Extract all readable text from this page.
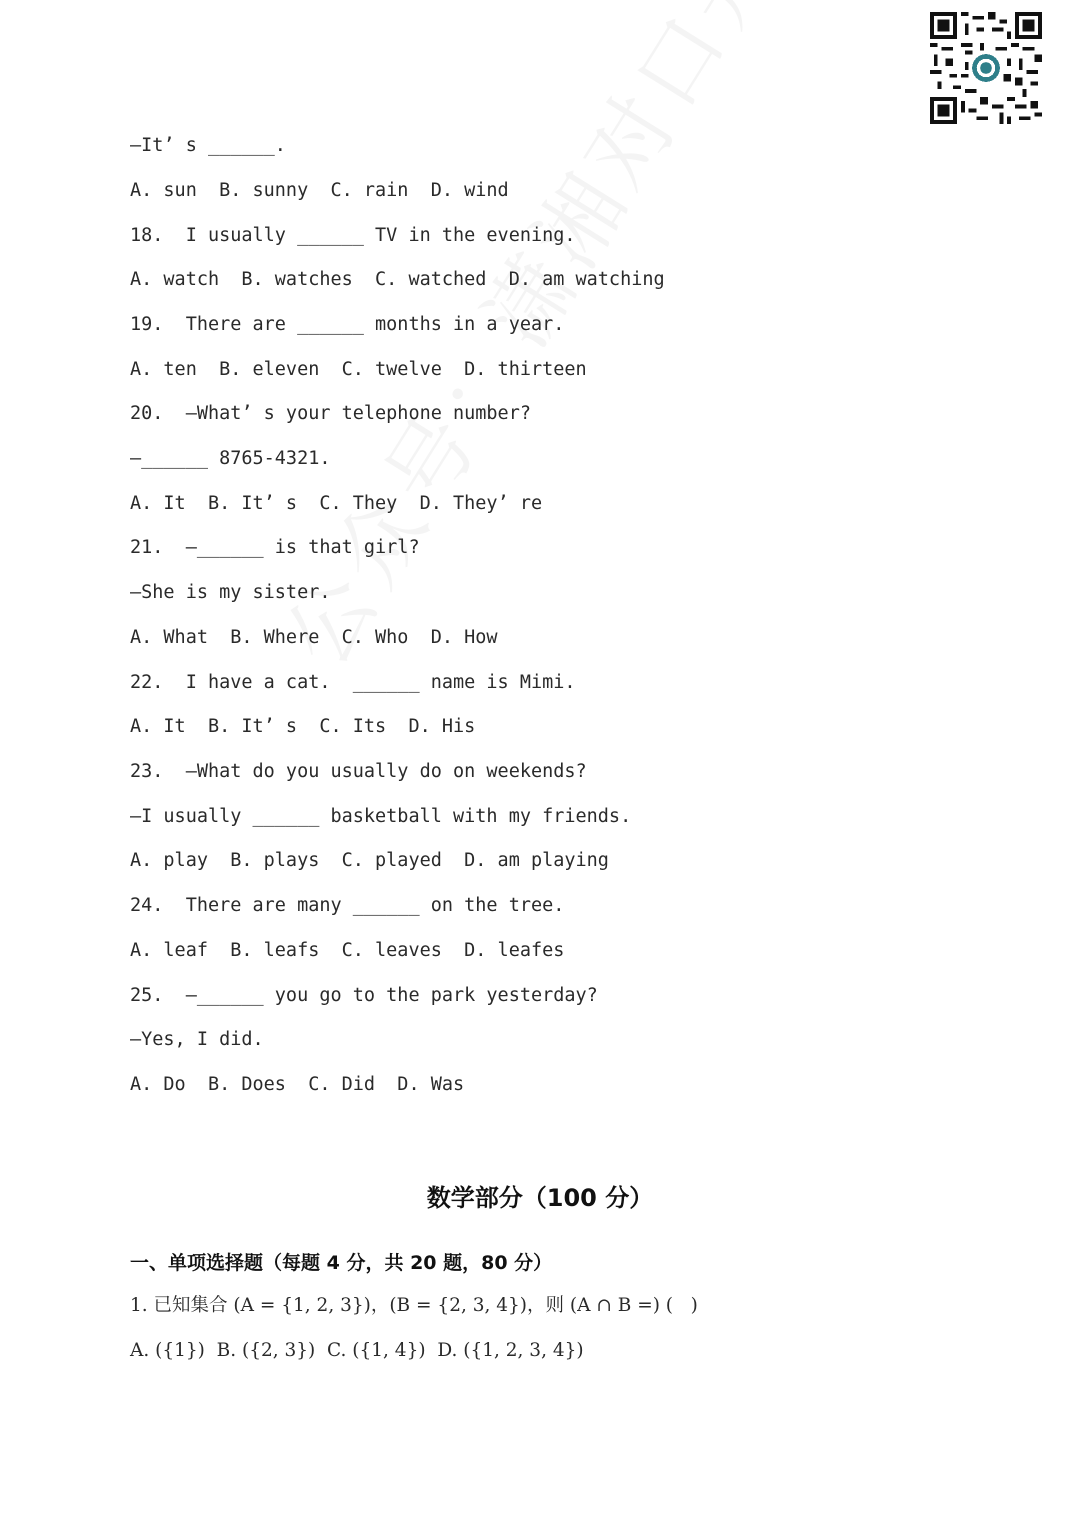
—It’ s ______.
A. sun  B. sunny  C. rain  D. wind
18.  I usually ______ TV in the evening.
A. watch  B. watches  C. watched  D. am watching
19.  There are ______ months in a year.
A. ten  B. eleven  C. twelve  D. thirteen
20.  —What’ s your telephone number?
—______ 8765-4321.
A. It  B. It’ s  C. They  D. They’ re
21.  —______ is that girl?
—She is my sister.
A. What  B. Where  C. Who  D. How
22.  I have a cat.  ______ name is Mimi.
A. It  B. It’ s  C. Its  D. His
23.  —What do you usually do on weekends?
—I usually ______ basketball with my friends.
A. play  B. plays  C. played  D. am playing
24.  There are many ______ on the tree.
A. leaf  B. leafs  C. leaves  D. leafes
25.  —______ you go to the park yesterday?
—Yes, I did.
A. Do  B. Does  C. Did  D. Was
数学部分（100 分）
一、单项选择题（每题 4 分，共 20 题，80 分）
1. 已知集合 (A = {1, 2, 3})，(B = {2, 3, 4})，则 (A ∩ B =) (   )
A. ({1})  B. ({2, 3})  C. ({1, 4})  D. ({1, 2, 3, 4})
